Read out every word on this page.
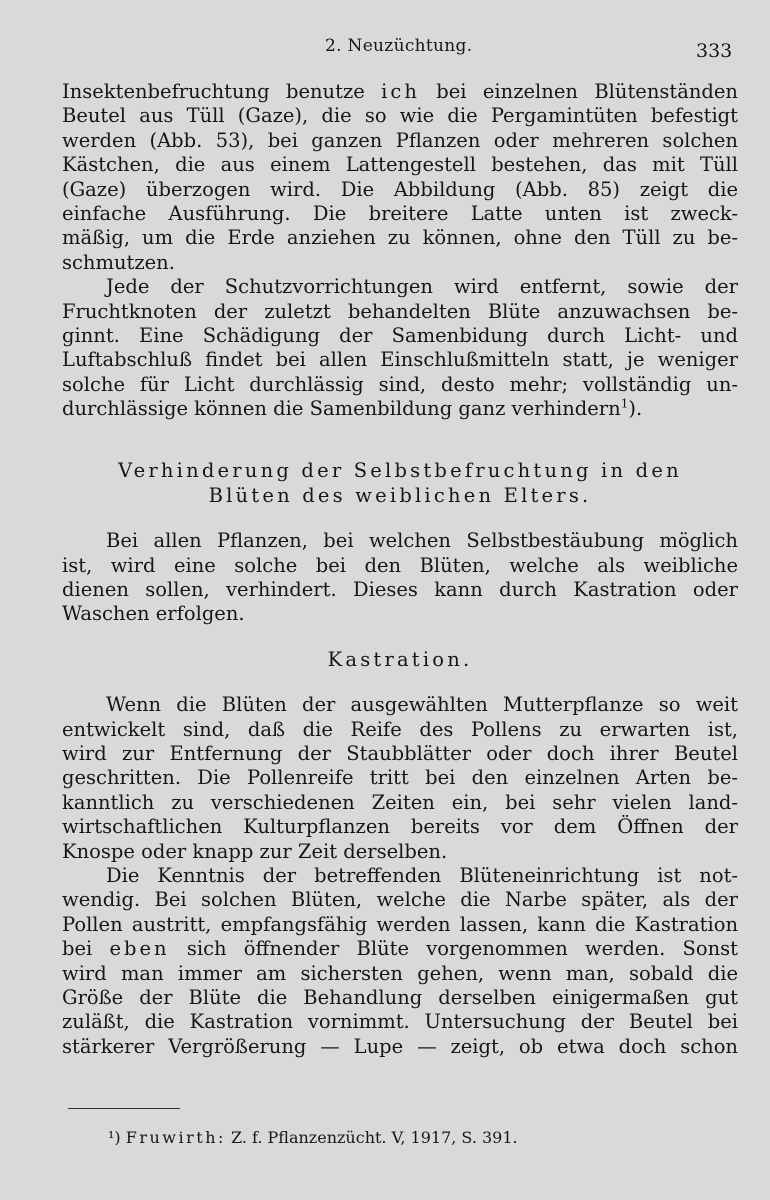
2. Neuzüchtung.	333
Insektenbefruchtung benutze ich bei einzelnen Blütenständen
Beutel aus Tüll (Gaze), die so wie die Pergamintüten befestigt
werden (Abb. 53), bei ganzen Pflanzen oder mehreren solchen
Kästchen, die aus einem Lattengestell bestehen, das mit Tüll
(Gaze) überzogen wird. Die Abbildung (Abb. 85) zeigt die
einfache Ausführung. Die breitere Latte unten ist zweck-
mäßig, um die Erde anziehen zu können, ohne den Tüll zu be-
schmutzen.
Jede der Schutzvorrichtungen wird entfernt, sowie der
Fruchtknoten der zuletzt behandelten Blüte anzuwachsen be-
ginnt. Eine Schädigung der Samenbidung durch Licht- und
Luftabschluß findet bei allen Einschlußmitteln statt, je weniger
solche für Licht durchlässig sind, desto mehr; vollständig un-
durchlässige können die Samenbildung ganz verhindern$^1$).
Verhinderung der Selbstbefruchtung in den
Blüten des weiblichen Elters.
Bei allen Pflanzen, bei welchen Selbstbestäubung möglich
ist, wird eine solche bei den Blüten, welche als weibliche
dienen sollen, verhindert. Dieses kann durch Kastration oder
Waschen erfolgen.
Kastration.
Wenn die Blüten der ausgewählten Mutterpflanze so weit
entwickelt sind, daß die Reife des Pollens zu erwarten ist,
wird zur Entfernung der Staubblätter oder doch ihrer Beutel
geschritten. Die Pollenreife tritt bei den einzelnen Arten be-
kanntlich zu verschiedenen Zeiten ein, bei sehr vielen land-
wirtschaftlichen Kulturpflanzen bereits vor dem Öffnen der
Knospe oder knapp zur Zeit derselben.
Die Kenntnis der betreffenden Blüteneinrichtung ist not-
wendig. Bei solchen Blüten, welche die Narbe später, als der
Pollen austritt, empfangsfähig werden lassen, kann die Kastration
bei eben sich öffnender Blüte vorgenommen werden. Sonst
wird man immer am sichersten gehen, wenn man, sobald die
Größe der Blüte die Behandlung derselben einigermaßen gut
zuläßt, die Kastration vornimmt. Untersuchung der Beutel bei
stärkerer Vergrößerung — Lupe — zeigt, ob etwa doch schon
¹) Fruwirth: Z. f. Pflanzenzücht. V, 1917, S. 391.
